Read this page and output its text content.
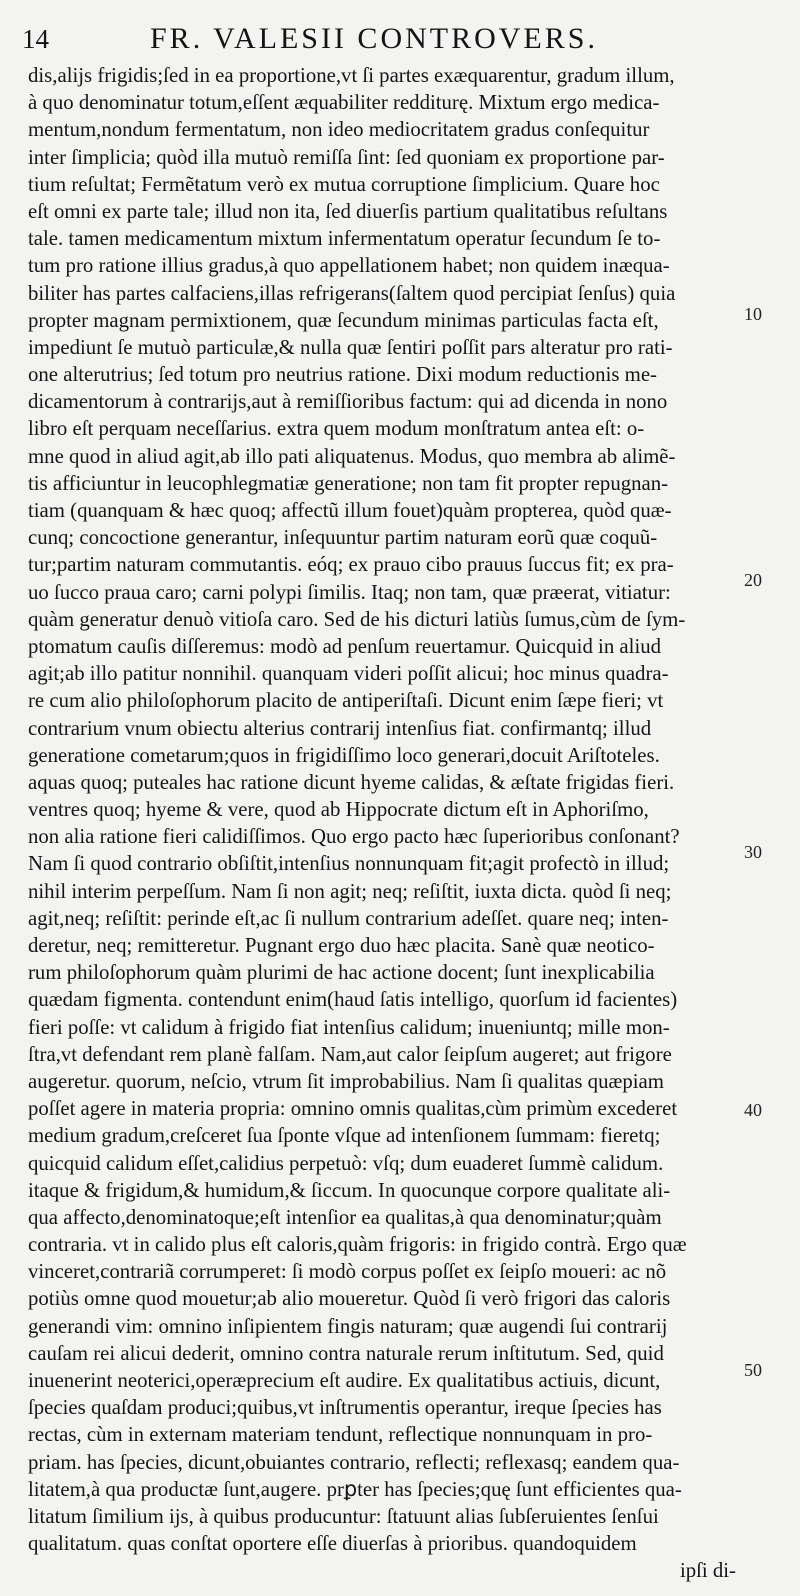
14	FR. VALESII CONTROVERS.
dis,alijs frigidis;ſed in ea proportione,vt ſi partes exæquarentur, gradum illum,
à quo denominatur totum,eſſent æquabiliter redditurę. Mixtum ergo medica-
mentum,nondum fermentatum, non ideo mediocritatem gradus conſequitur
inter ſimplicia; quòd illa mutuò remiſſa ſint: ſed quoniam ex proportione par-
tium reſultat; Fermẽtatum verò ex mutua corruptione ſimplicium. Quare hoc
eſt omni ex parte tale; illud non ita, ſed diuerſis partium qualitatibus reſultans
tale. tamen medicamentum mixtum infermentatum operatur ſecundum ſe to-
tum pro ratione illius gradus,à quo appellationem habet; non quidem inæqua-
biliter has partes calfaciens,illas refrigerans(ſaltem quod percipiat ſenſus) quia
propter magnam permixtionem, quæ ſecundum minimas particulas facta eſt,
impediunt ſe mutuò particulæ,& nulla quæ ſentiri poſſit pars alteratur pro rati-
one alterutrius; ſed totum pro neutrius ratione. Dixi modum reductionis me-
dicamentorum à contrarijs,aut à remiſſioribus factum: qui ad dicenda in nono
libro eſt perquam neceſſarius. extra quem modum monſtratum antea eſt: o-
mne quod in aliud agit,ab illo pati aliquatenus. Modus, quo membra ab alimẽ-
tis afficiuntur in leucophlegmatiæ generatione; non tam fit propter repugnan-
tiam (quanquam & hæc quoq; affectũ illum fouet)quàm propterea, quòd quæ-
cunq; concoctione generantur, inſequuntur partim naturam eorũ quæ coquũ-
tur;partim naturam commutantis. eóq; ex prauo cibo prauus ſuccus fit; ex pra-
uo ſucco praua caro; carni polypi ſimilis. Itaq; non tam, quæ præerat, vitiatur:
quàm generatur denuò vitioſa caro. Sed de his dicturi latiùs ſumus,cùm de ſym-
ptomatum cauſis diſſeremus: modò ad penſum reuertamur. Quicquid in aliud
agit;ab illo patitur nonnihil. quanquam videri poſſit alicui; hoc minus quadra-
re cum alio philoſophorum placito de antiperiſtaſi. Dicunt enim ſæpe fieri; vt
contrarium vnum obiectu alterius contrarij intenſius fiat. confirmantq; illud
generatione cometarum;quos in frigidiſſimo loco generari,docuit Ariſtoteles.
aquas quoq; puteales hac ratione dicunt hyeme calidas, & æſtate frigidas fieri.
ventres quoq; hyeme & vere, quod ab Hippocrate dictum eſt in Aphoriſmo,
non alia ratione fieri calidiſſimos. Quo ergo pacto hæc ſuperioribus conſonant?
Nam ſi quod contrario obſiſtit,intenſius nonnunquam fit;agit profectò in illud;
nihil interim perpeſſum. Nam ſi non agit; neq; reſiſtit, iuxta dicta. quòd ſi neq;
agit,neq; reſiſtit: perinde eſt,ac ſi nullum contrarium adeſſet. quare neq; inten-
deretur, neq; remitteretur. Pugnant ergo duo hæc placita. Sanè quæ neotico-
rum philoſophorum quàm plurimi de hac actione docent; ſunt inexplicabilia
quædam figmenta. contendunt enim(haud ſatis intelligo, quorſum id facientes)
fieri poſſe: vt calidum à frigido fiat intenſius calidum; inueniuntq; mille mon-
ſtra,vt defendant rem planè falſam. Nam,aut calor ſeipſum augeret; aut frigore
augeretur. quorum, neſcio, vtrum ſit improbabilius. Nam ſi qualitas quæpiam
poſſet agere in materia propria: omnino omnis qualitas,cùm primùm excederet
medium gradum,creſceret ſua ſponte vſque ad intenſionem ſummam: fieretq;
quicquid calidum eſſet,calidius perpetuò: vſq; dum euaderet ſummè calidum.
itaque & frigidum,& humidum,& ſiccum. In quocunque corpore qualitate ali-
qua affecto,denominatoque;eſt intenſior ea qualitas,à qua denominatur;quàm
contraria. vt in calido plus eſt caloris,quàm frigoris: in frigido contrà. Ergo quæ
vinceret,contrariã corrumperet: ſi modò corpus poſſet ex ſeipſo moueri: ac nõ
potiùs omne quod mouetur;ab alio moueretur. Quòd ſi verò frigori das caloris
generandi vim: omnino inſipientem fingis naturam; quæ augendi ſui contrarij
cauſam rei alicui dederit, omnino contra naturale rerum inſtitutum. Sed, quid
inuenerint neoterici,operæprecium eſt audire. Ex qualitatibus actiuis, dicunt,
ſpecies quaſdam produci;quibus,vt inſtrumentis operantur, ireque ſpecies has
rectas, cùm in externam materiam tendunt, reflectique nonnunquam in pro-
priam. has ſpecies, dicunt,obuiantes contrario, reflecti; reflexasq; eandem qua-
litatem,à qua productæ ſunt,augere. prꝑter has ſpecies;quę ſunt efficientes qua-
litatum ſimilium ijs, à quibus producuntur: ſtatuunt alias ſubſeruientes ſenſui
qualitatum. quas conſtat oportere eſſe diuerſas à prioribus. quandoquidem
ipſi di-
10
20
30
40
50
